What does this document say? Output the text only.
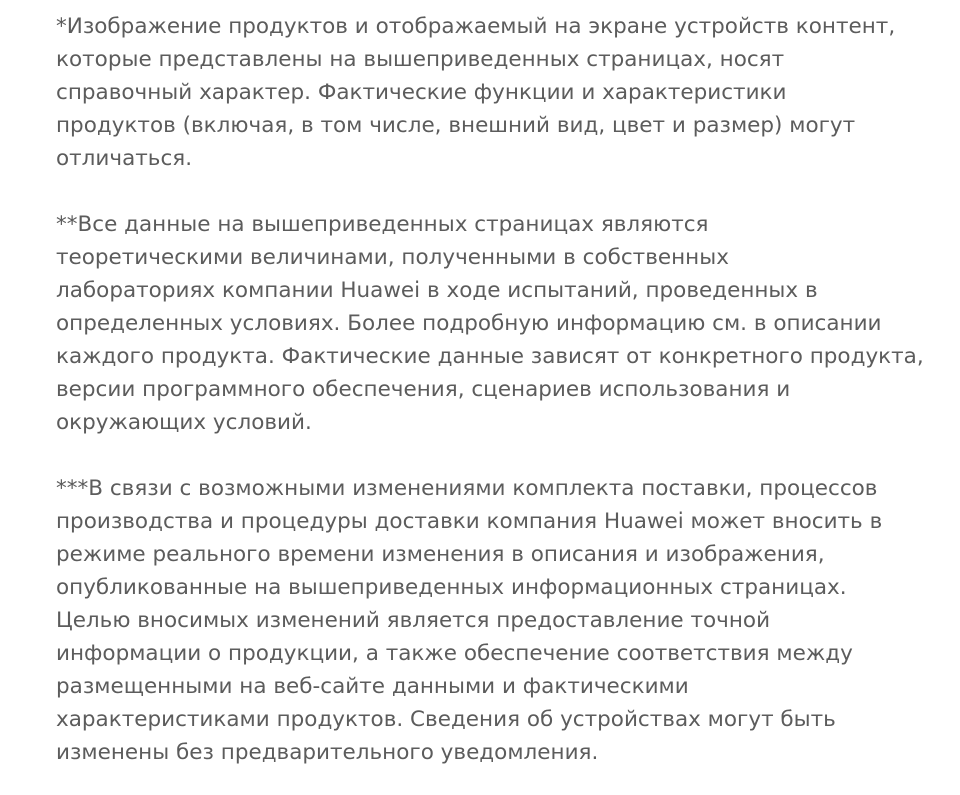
*Изображение продуктов и отображаемый на экране устройств контент,
которые представлены на вышеприведенных страницах, носят
справочный характер. Фактические функции и характеристики
продуктов (включая, в том числе, внешний вид, цвет и размер) могут
отличаться.

**Все данные на вышеприведенных страницах являются
теоретическими величинами, полученными в собственных
лабораториях компании Huawei в ходе испытаний, проведенных в
определенных условиях. Более подробную информацию см. в описании
каждого продукта. Фактические данные зависят от конкретного продукта,
версии программного обеспечения, сценариев использования и
окружающих условий.

***В связи с возможными изменениями комплекта поставки, процессов
производства и процедуры доставки компания Huawei может вносить в
режиме реального времени изменения в описания и изображения,
опубликованные на вышеприведенных информационных страницах.
Целью вносимых изменений является предоставление точной
информации о продукции, а также обеспечение соответствия между
размещенными на веб-сайте данными и фактическими
характеристиками продуктов. Сведения об устройствах могут быть
изменены без предварительного уведомления.
